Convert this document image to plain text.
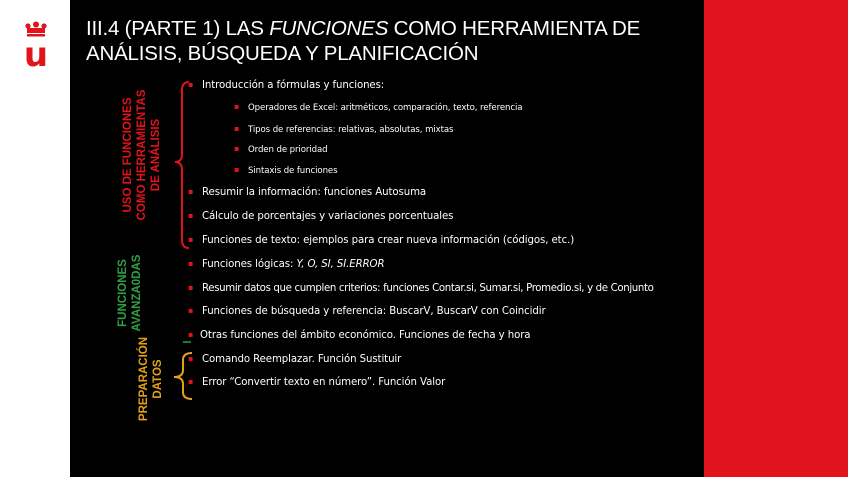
u
III.4 (PARTE 1) LAS FUNCIONES COMO HERRAMIENTA DE
ANÁLISIS, BÚSQUEDA Y PLANIFICACIÓN
USO DE FUNCIONES COMO HERRAMIENTAS DE ANÁLISIS
FUNCIONES AVANZA0DAS
PREPARACIÓN DATOS
▪ Introducción a fórmulas y funciones:
▪ Operadores de Excel: aritméticos, comparación, texto, referencia
▪ Tipos de referencias: relativas, absolutas, mixtas
▪ Orden de prioridad
▪ Sintaxis de funciones
▪ Resumir la información: funciones Autosuma
▪ Cálculo de porcentajes y variaciones porcentuales
▪ Funciones de texto: ejemplos para crear nueva información (códigos, etc.)
▪ Funciones lógicas: Y, O, SI, SI.ERROR
▪ Resumir datos que cumplen criterios: funciones Contar.si, Sumar.si, Promedio.si, y de Conjunto
▪ Funciones de búsqueda y referencia: BuscarV, BuscarV con Coincidir
▪ Otras funciones del ámbito económico. Funciones de fecha y hora
▪ Comando Reemplazar. Función Sustituir
▪ Error “Convertir texto en número”. Función Valor
